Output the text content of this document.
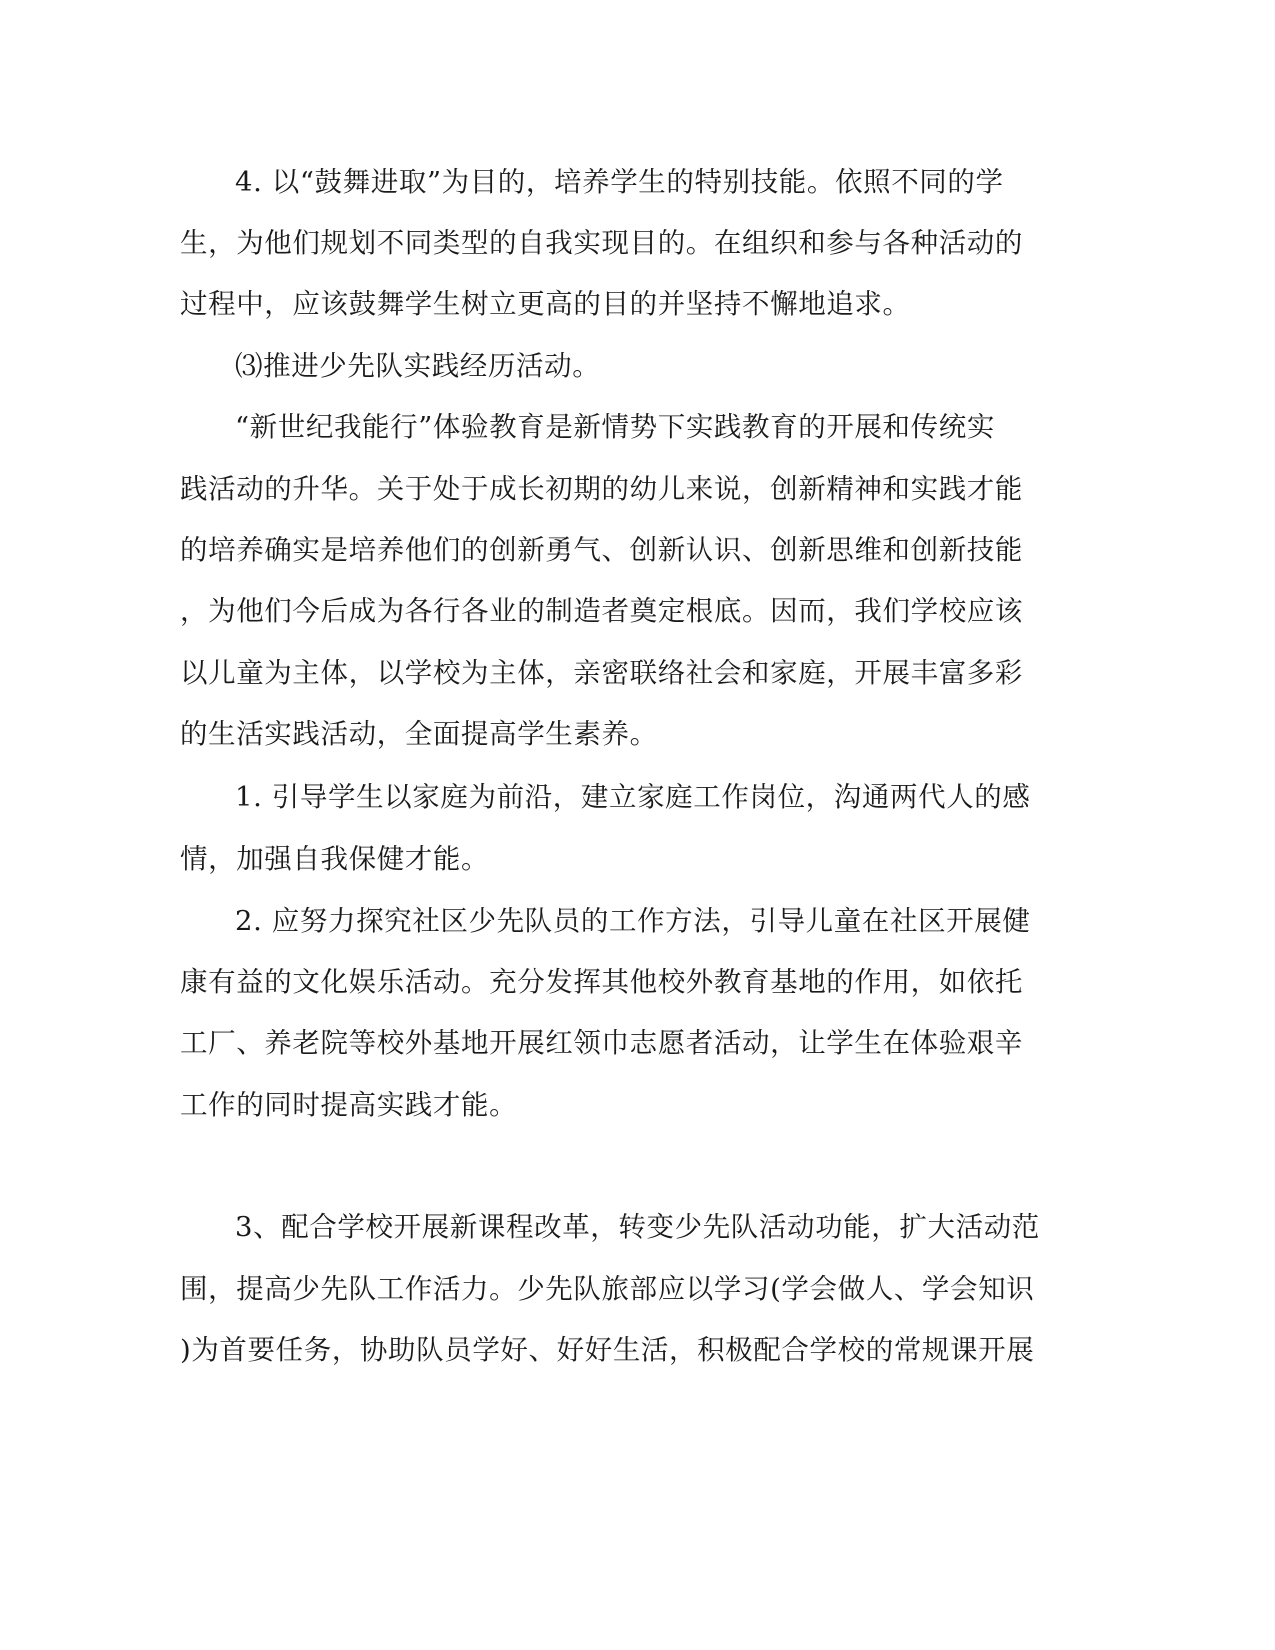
4. 以“鼓舞进取”为目的，培养学生的特别技能。依照不同的学
生，为他们规划不同类型的自我实现目的。在组织和参与各种活动的
过程中，应该鼓舞学生树立更高的目的并坚持不懈地追求。
⑶推进少先队实践经历活动。
“新世纪我能行”体验教育是新情势下实践教育的开展和传统实
践活动的升华。关于处于成长初期的幼儿来说，创新精神和实践才能
的培养确实是培养他们的创新勇气、创新认识、创新思维和创新技能
，为他们今后成为各行各业的制造者奠定根底。因而，我们学校应该
以儿童为主体，以学校为主体，亲密联络社会和家庭，开展丰富多彩
的生活实践活动，全面提高学生素养。
1. 引导学生以家庭为前沿，建立家庭工作岗位，沟通两代人的感
情，加强自我保健才能。
2. 应努力探究社区少先队员的工作方法，引导儿童在社区开展健
康有益的文化娱乐活动。充分发挥其他校外教育基地的作用，如依托
工厂、养老院等校外基地开展红领巾志愿者活动，让学生在体验艰辛
工作的同时提高实践才能。
3、配合学校开展新课程改革，转变少先队活动功能，扩大活动范
围，提高少先队工作活力。少先队旅部应以学习(学会做人、学会知识
)为首要任务，协助队员学好、好好生活，积极配合学校的常规课开展
